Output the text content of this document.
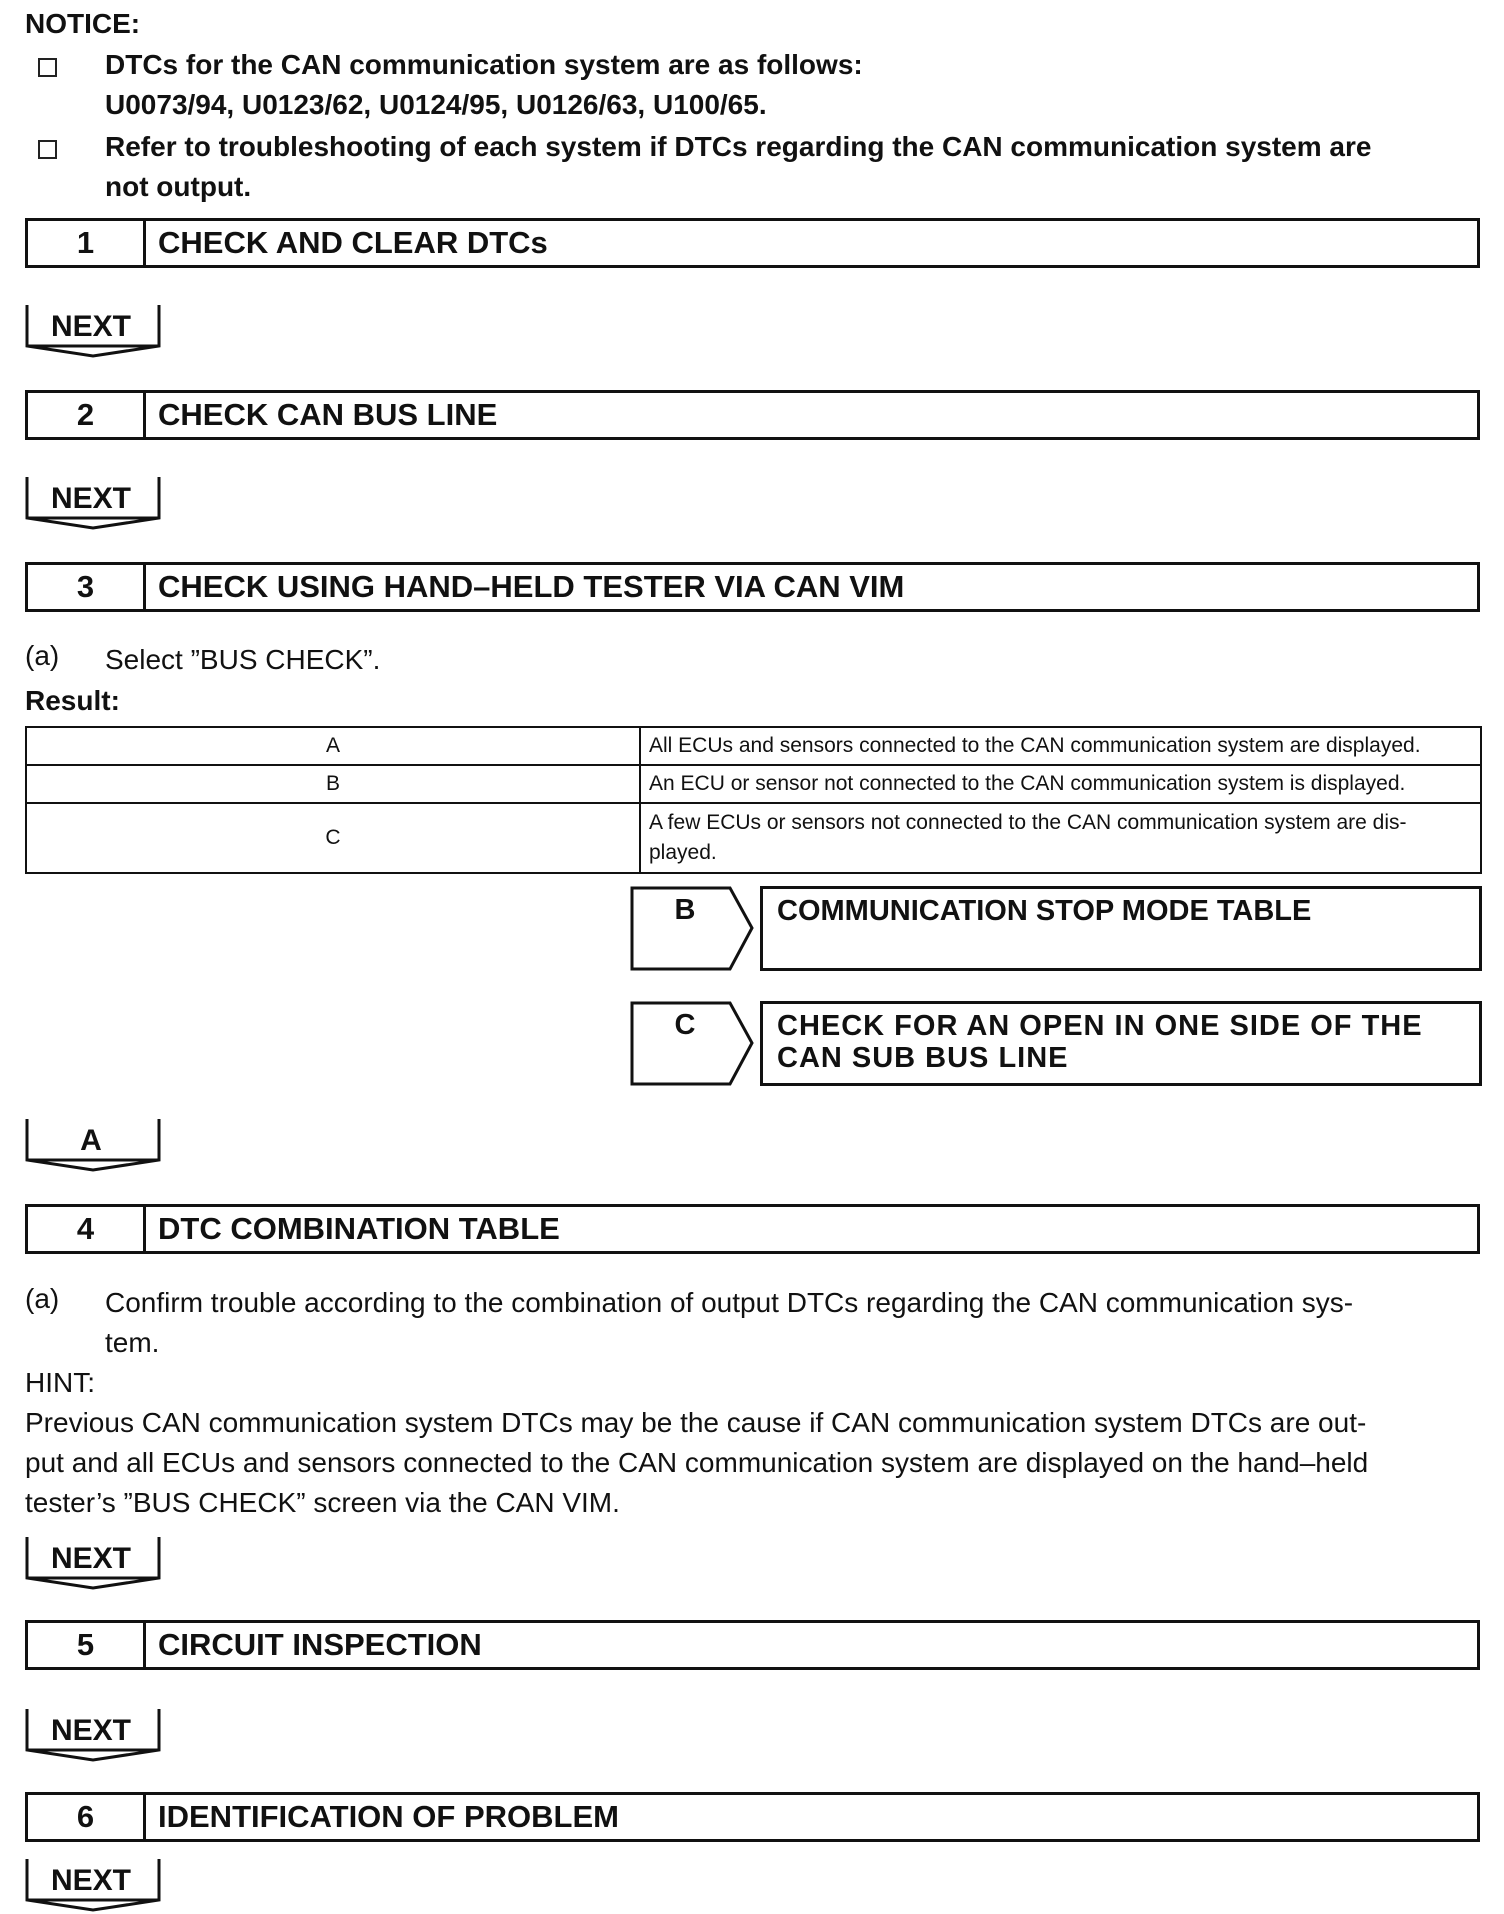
NOTICE:
DTCs for the CAN communication system are as follows:
U0073/94, U0123/62, U0124/95, U0126/63, U100/65.
Refer to troubleshooting of each system if DTCs regarding the CAN communication system are
not output.
1	CHECK AND CLEAR DTCs
NEXT
2	CHECK CAN BUS LINE
NEXT
3	CHECK USING HAND–HELD TESTER VIA CAN VIM
(a) Select ”BUS CHECK”.
Result:
A	All ECUs and sensors connected to the CAN communication system are displayed.
B	An ECU or sensor not connected to the CAN communication system is displayed.
C	A few ECUs or sensors not connected to the CAN communication system are dis-
played.
B	COMMUNICATION STOP MODE TABLE
C	CHECK FOR AN OPEN IN ONE SIDE OF THE
CAN SUB BUS LINE
A
4	DTC COMBINATION TABLE
(a) Confirm trouble according to the combination of output DTCs regarding the CAN communication sys-
tem.
HINT:
Previous CAN communication system DTCs may be the cause if CAN communication system DTCs are out-
put and all ECUs and sensors connected to the CAN communication system are displayed on the hand–held
tester’s ”BUS CHECK” screen via the CAN VIM.
NEXT
5	CIRCUIT INSPECTION
NEXT
6	IDENTIFICATION OF PROBLEM
NEXT
